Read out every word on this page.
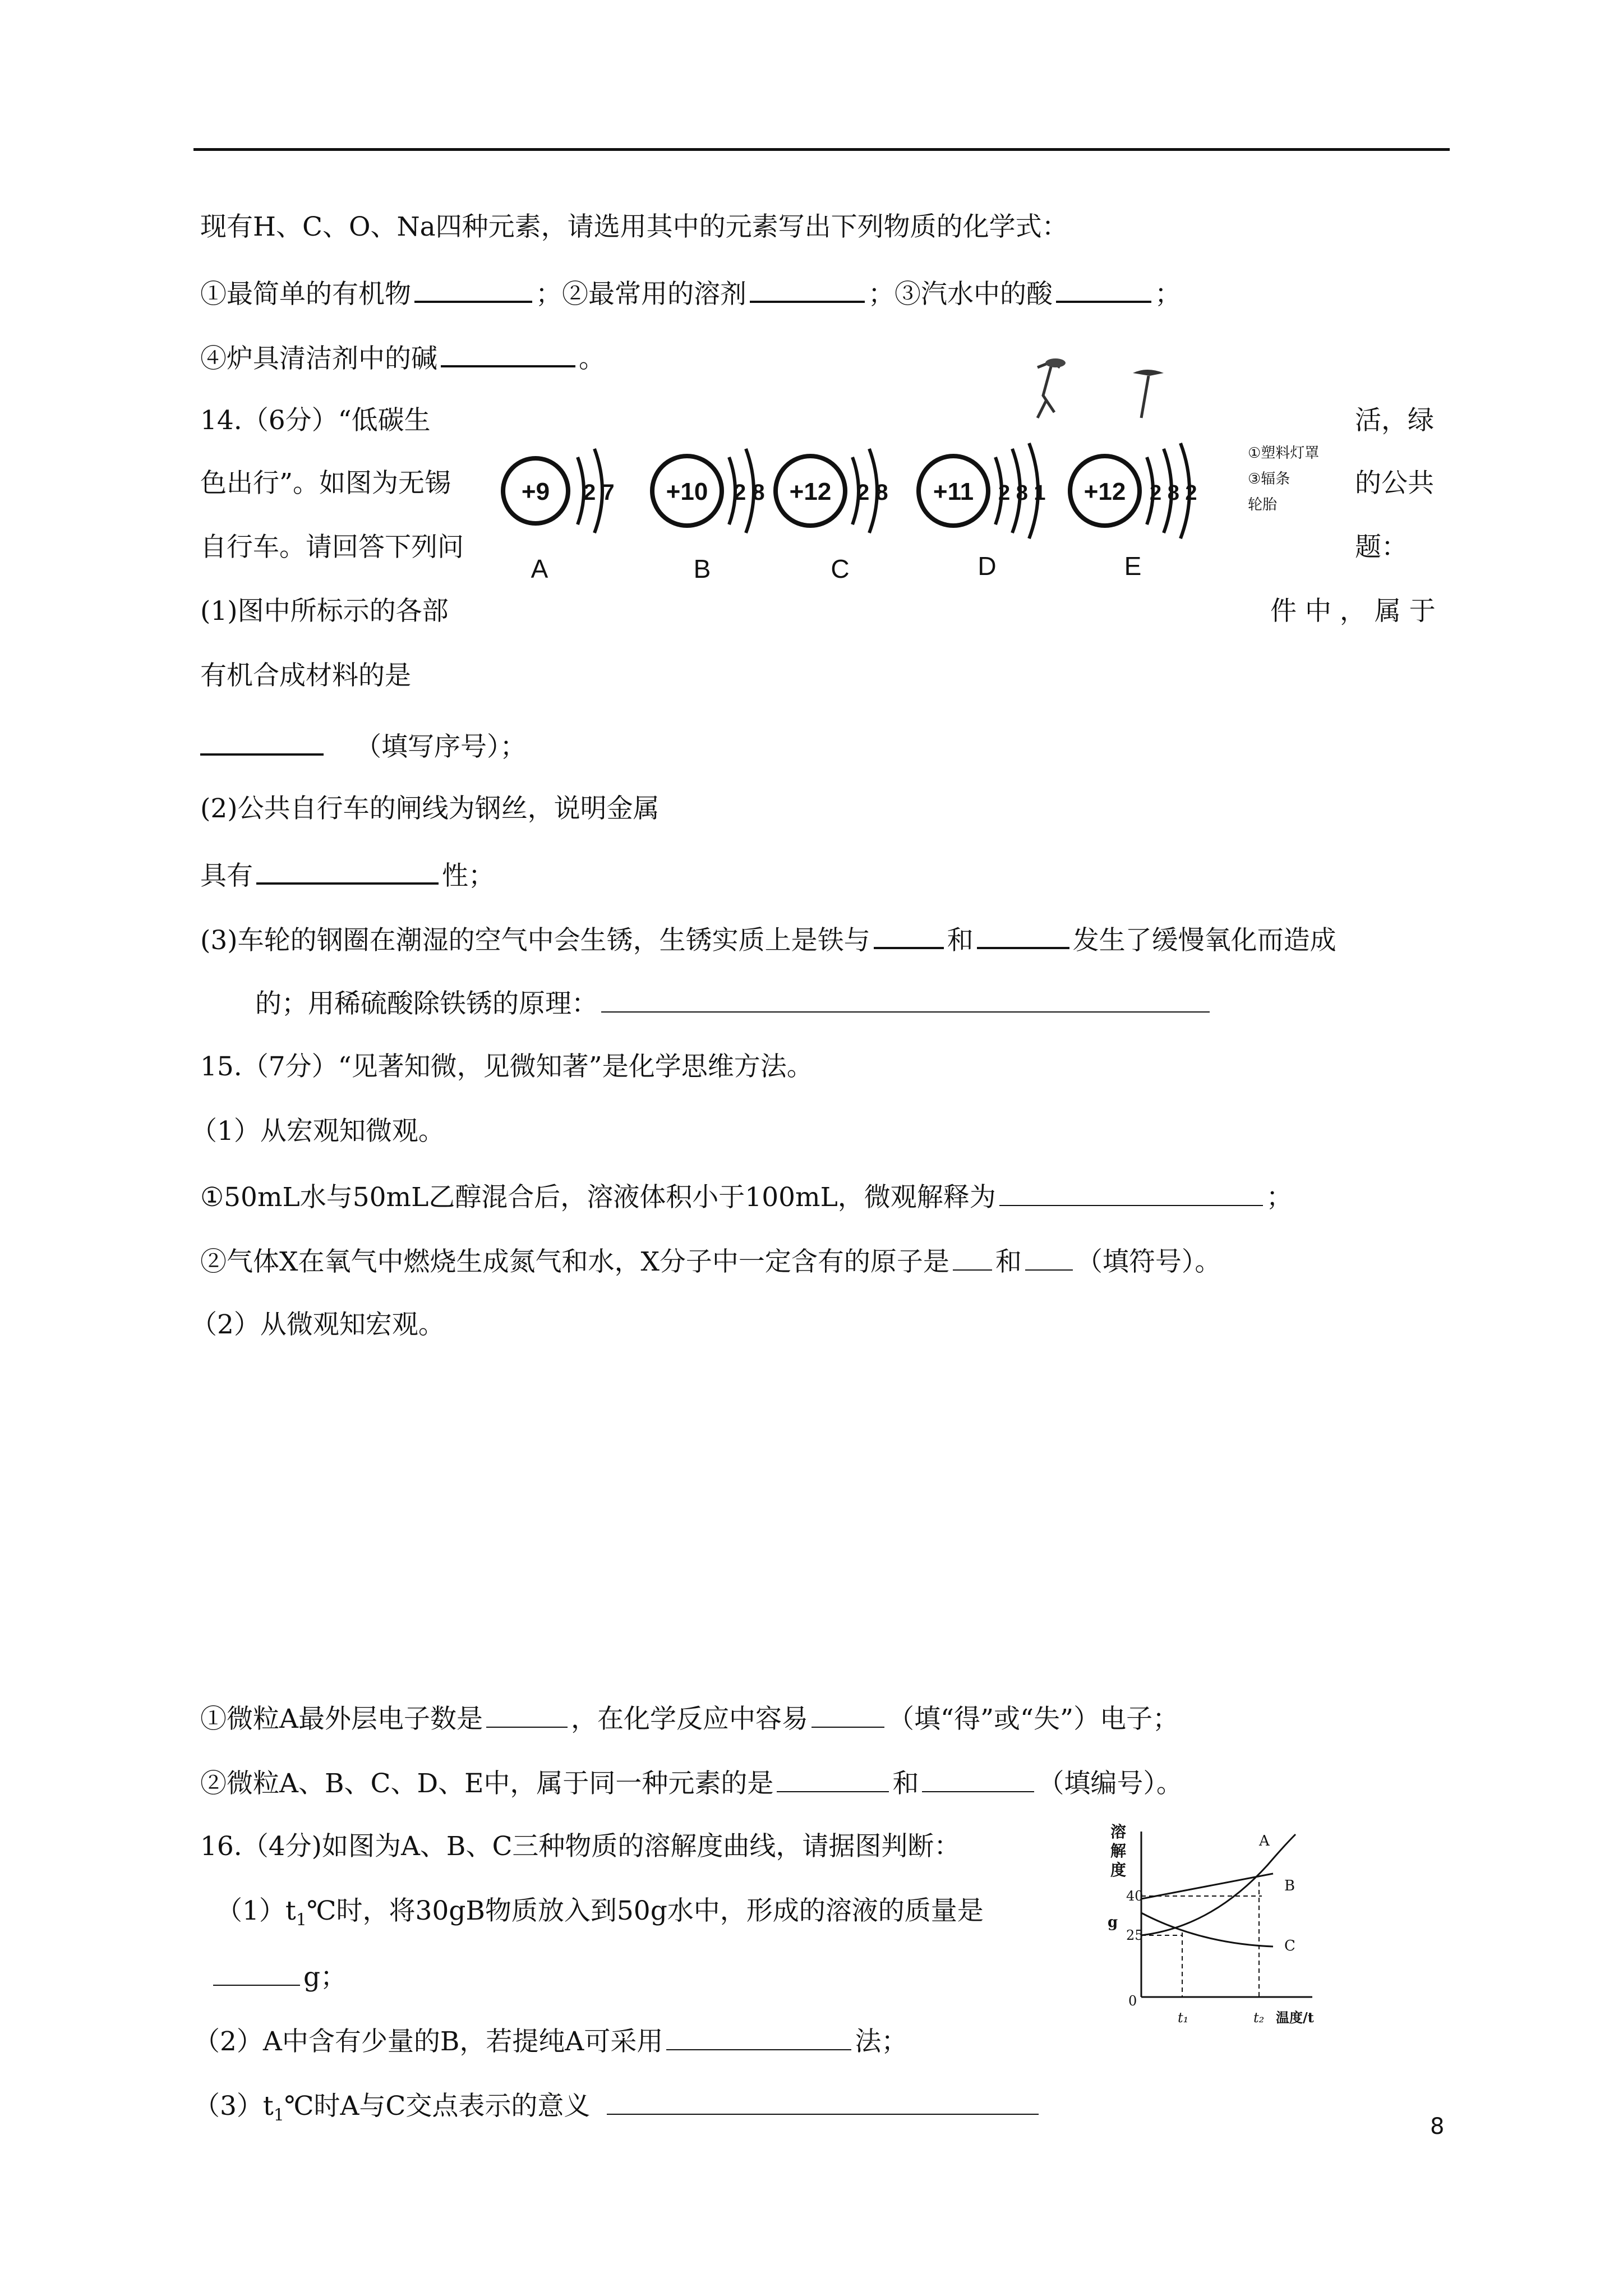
现有H、C、O、Na四种元素，请选用其中的元素写出下列物质的化学式：
①最简单的有机物	；②最常用的溶剂	；③汽水中的酸	；
④炉具清洁剂中的碱	。
14.（6分）“低碳生	活，绿
色出行”。如图为无锡	的公共
自行车。请回答下列问	题：
①塑料灯罩
③辐条
轮胎
+9 2 7
A
+10 2 8
B
+12 2 8
C
+11 2 8 1
D
+12 2 8 2
E
(1)图中所标示的各部	件 中 ， 属 于
有机合成材料的是
（填写序号）；
(2)公共自行车的闸线为钢丝，说明金属
具有	性；
(3)车轮的钢圈在潮湿的空气中会生锈，生锈实质上是铁与	和	发生了缓慢氧化而造成
的；用稀硫酸除铁锈的原理：
15.（7分）“见著知微，见微知著”是化学思维方法。
（1）从宏观知微观。
①50mL水与50mL乙醇混合后，溶液体积小于100mL，微观解释为	；
②气体X在氧气中燃烧生成氮气和水，X分子中一定含有的原子是 和 （填符号）。
（2）从微观知宏观。
①微粒A最外层电子数是	，在化学反应中容易	（填“得”或“失”）电子；
②微粒A、B、C、D、E中，属于同一种元素的是	和	（填编号）。
16.（4分)如图为A、B、C三种物质的溶解度曲线，请据图判断：
$(1)t_1℃$时，将30gB物质放入到50g水中，形成的溶液的质量是
g；
（2）A中含有少量的B，若提纯A可采用	法；
$(3)t_1℃$时A与C交点表示的意义
溶
解
度
g
40
25
0
t₁	t₂ 温度/t
A
B
C
8
